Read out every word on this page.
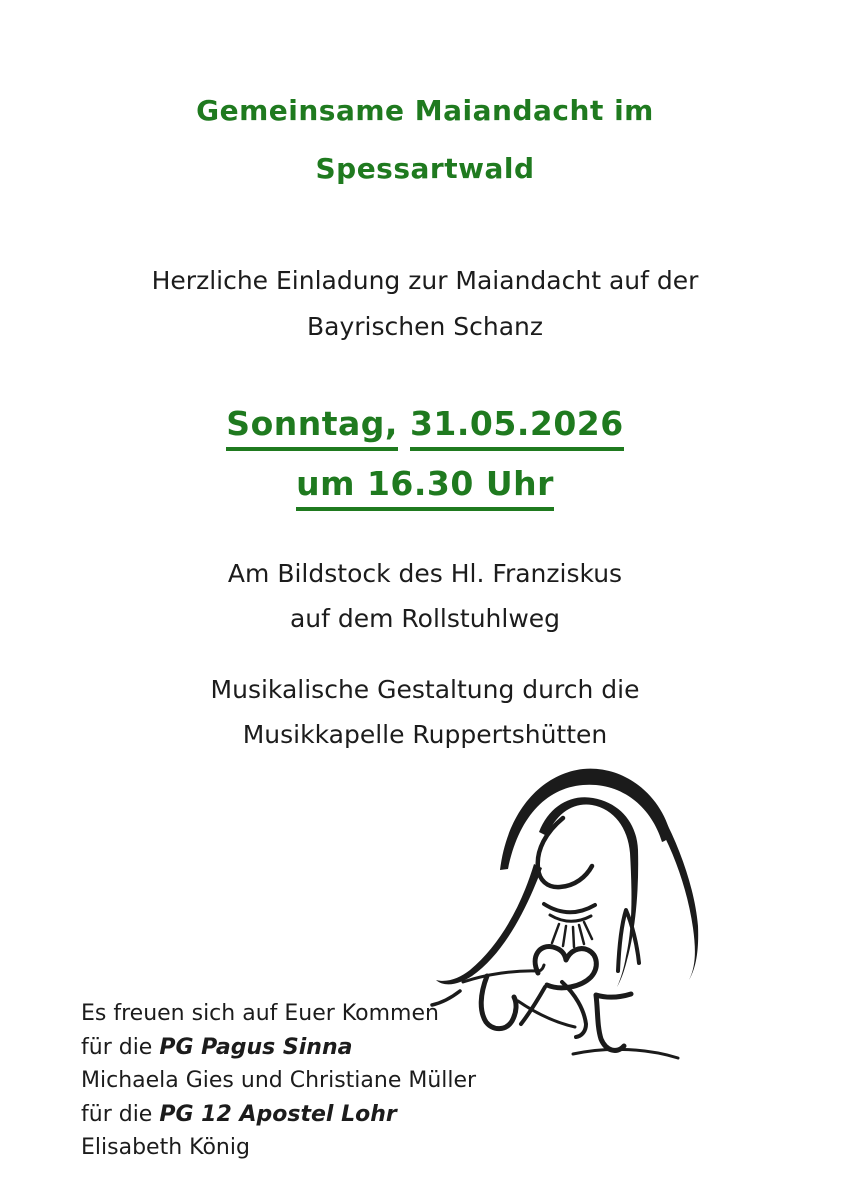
Gemeinsame Maiandacht im
Spessartwald
Herzliche Einladung zur Maiandacht auf der
Bayrischen Schanz
Sonntag, 31.05.2026
um 16.30 Uhr
Am Bildstock des Hl. Franziskus
auf dem Rollstuhlweg
Musikalische Gestaltung durch die
Musikkapelle Ruppertshütten
Es freuen sich auf Euer Kommen
für die PG Pagus Sinna
Michaela Gies und Christiane Müller
für die PG 12 Apostel Lohr
Elisabeth König
